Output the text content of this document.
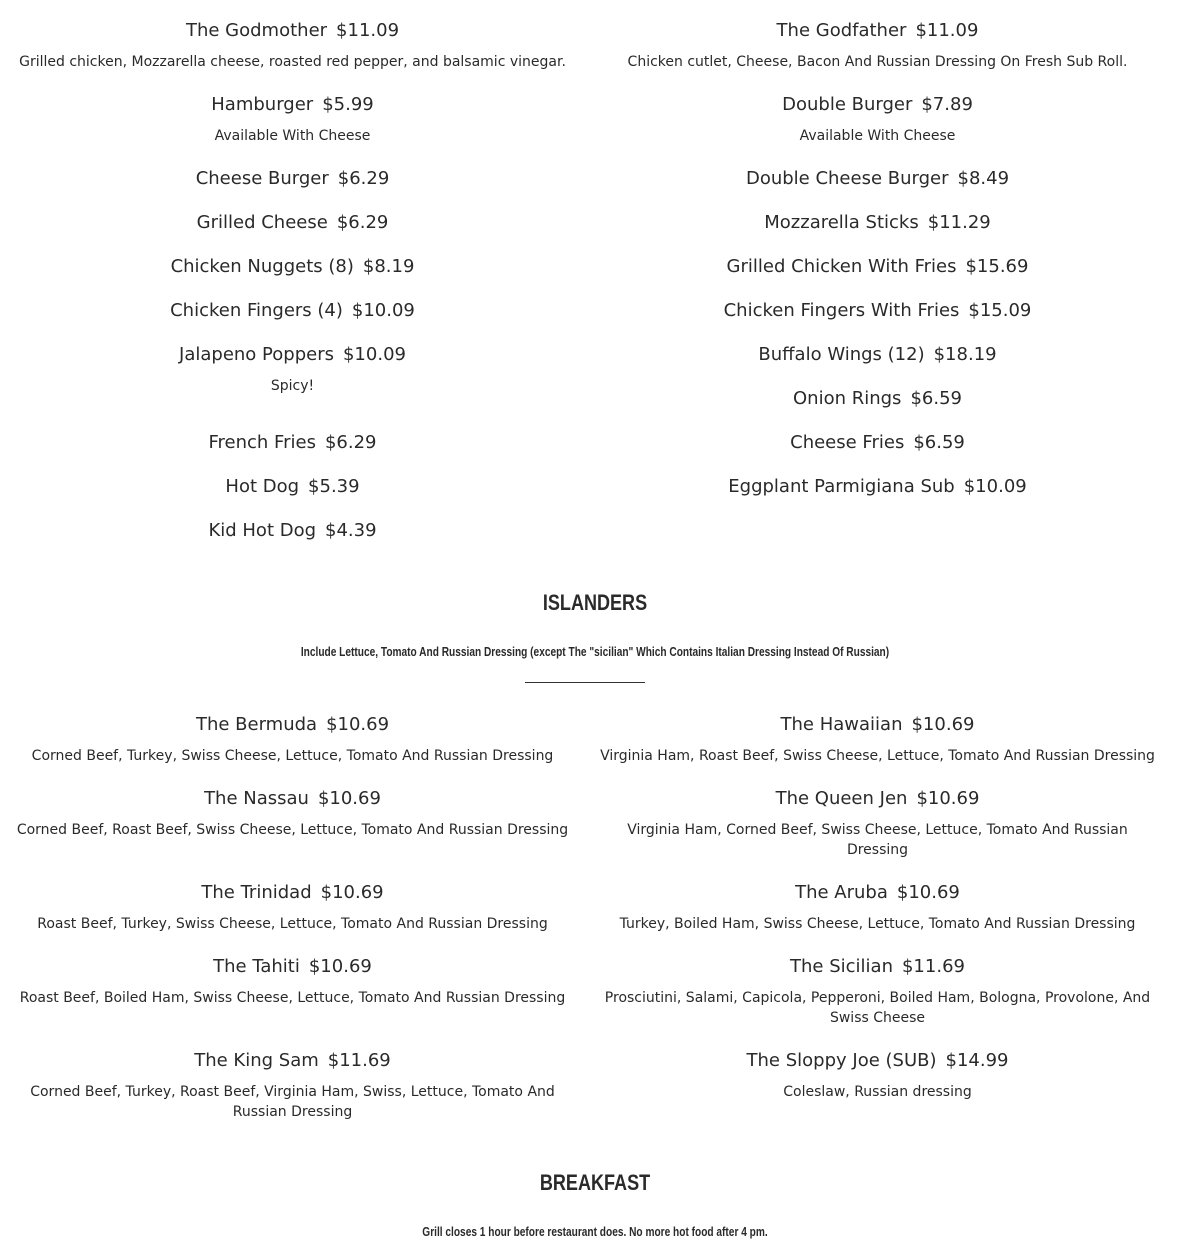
The Godmother $11.09
Grilled chicken, Mozzarella cheese, roasted red pepper, and balsamic vinegar.
Hamburger $5.99
Available With Cheese
Cheese Burger $6.29
Grilled Cheese $6.29
Chicken Nuggets (8) $8.19
Chicken Fingers (4) $10.09
Jalapeno Poppers $10.09
Spicy!
French Fries $6.29
Hot Dog $5.39
Kid Hot Dog $4.39
The Godfather $11.09
Chicken cutlet, Cheese, Bacon And Russian Dressing On Fresh Sub Roll.
Double Burger $7.89
Available With Cheese
Double Cheese Burger $8.49
Mozzarella Sticks $11.29
Grilled Chicken With Fries $15.69
Chicken Fingers With Fries $15.09
Buffalo Wings (12) $18.19
Onion Rings $6.59
Cheese Fries $6.59
Eggplant Parmigiana Sub $10.09
ISLANDERS
Include Lettuce, Tomato And Russian Dressing (except The "sicilian" Which Contains Italian Dressing Instead Of Russian)
The Bermuda $10.69
Corned Beef, Turkey, Swiss Cheese, Lettuce, Tomato And Russian Dressing
The Nassau $10.69
Corned Beef, Roast Beef, Swiss Cheese, Lettuce, Tomato And Russian Dressing
The Trinidad $10.69
Roast Beef, Turkey, Swiss Cheese, Lettuce, Tomato And Russian Dressing
The Tahiti $10.69
Roast Beef, Boiled Ham, Swiss Cheese, Lettuce, Tomato And Russian Dressing
The King Sam $11.69
Corned Beef, Turkey, Roast Beef, Virginia Ham, Swiss, Lettuce, Tomato And Russian Dressing
The Hawaiian $10.69
Virginia Ham, Roast Beef, Swiss Cheese, Lettuce, Tomato And Russian Dressing
The Queen Jen $10.69
Virginia Ham, Corned Beef, Swiss Cheese, Lettuce, Tomato And Russian Dressing
The Aruba $10.69
Turkey, Boiled Ham, Swiss Cheese, Lettuce, Tomato And Russian Dressing
The Sicilian $11.69
Prosciutini, Salami, Capicola, Pepperoni, Boiled Ham, Bologna, Provolone, And Swiss Cheese
The Sloppy Joe (SUB) $14.99
Coleslaw, Russian dressing
BREAKFAST
Grill closes 1 hour before restaurant does. No more hot food after 4 pm.
